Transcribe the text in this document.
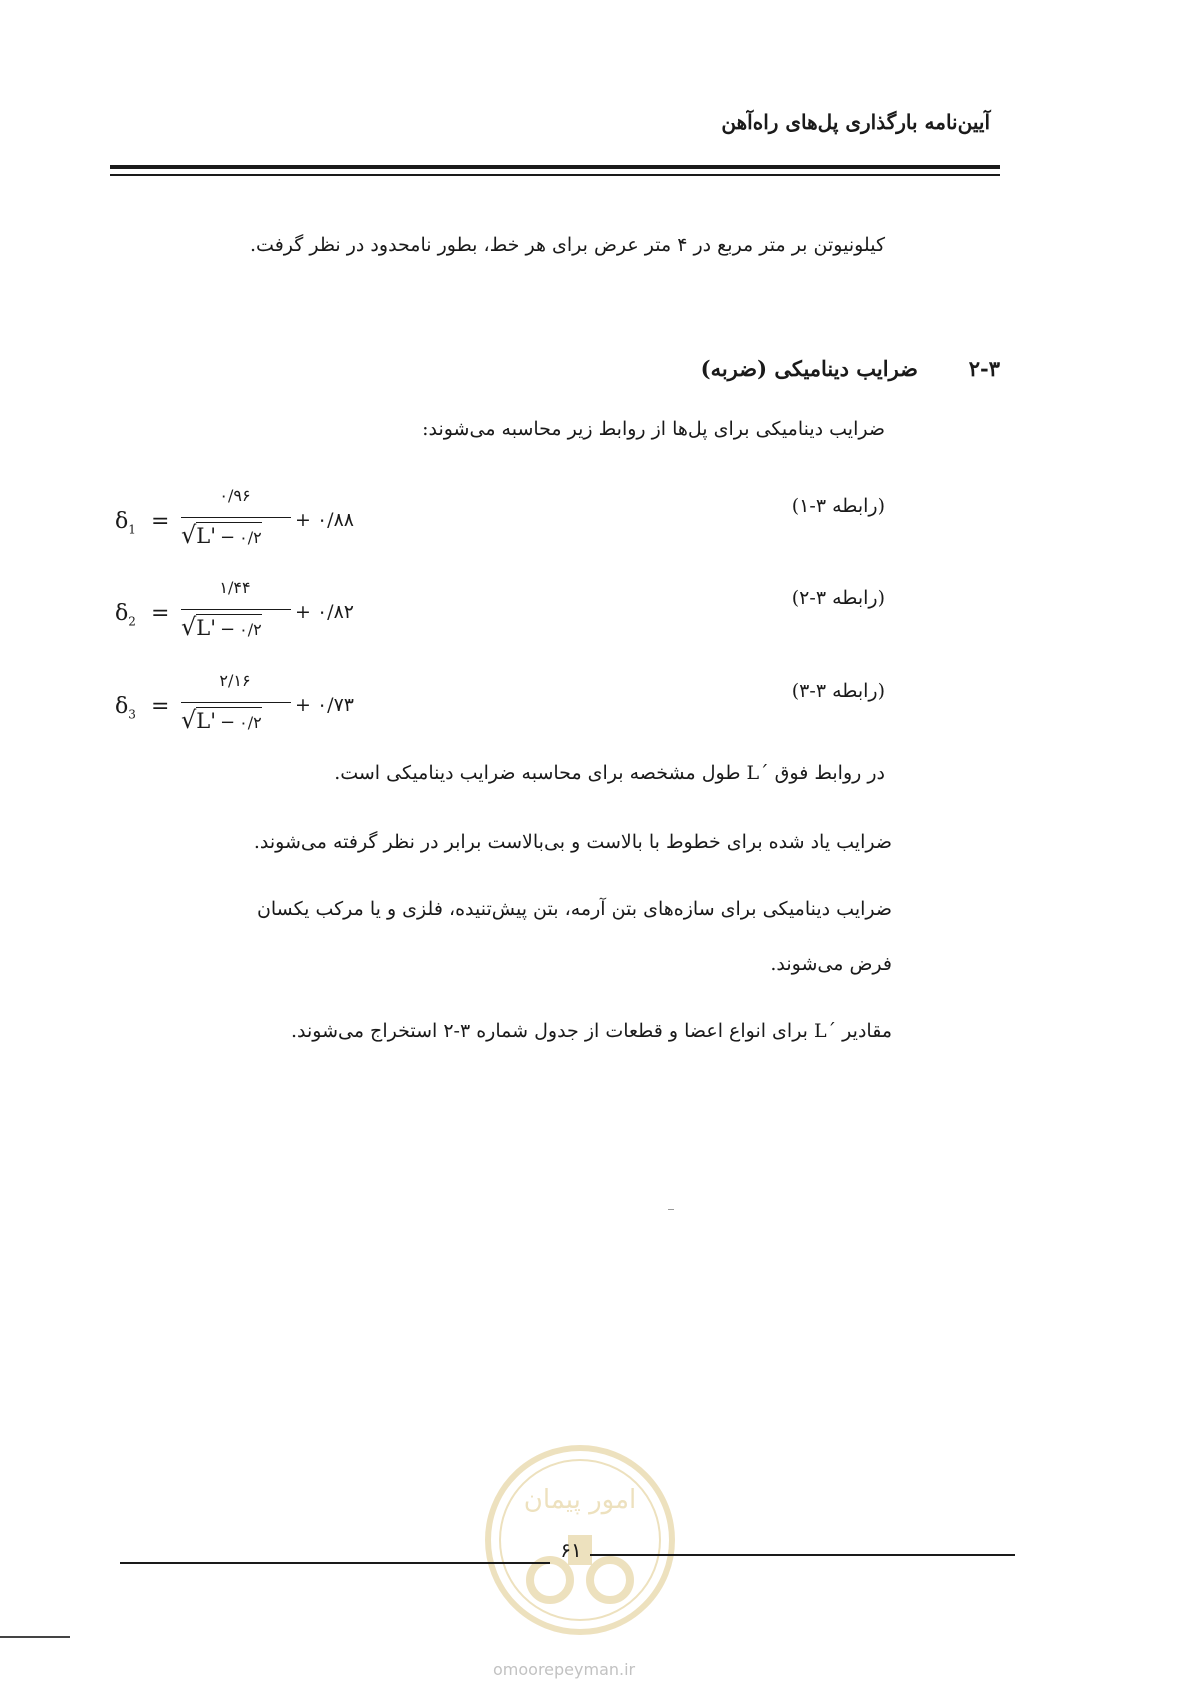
آیین‌نامه بارگذاری پل‌های راه‌آهن
کیلونیوتن بر متر مربع در ۴ متر عرض برای هر خط، بطور نامحدود در نظر گرفت.
۲-۳
ضرایب دینامیکی (ضربه)
ضرایب دینامیکی برای پل‌ها از روابط زیر محاسبه می‌شوند:
(رابطه ۳-۱)
$\delta_1$ =
۰/۹۶
√L' − ۰/۲
+ ۰/۸۸
(رابطه ۳-۲)
$\delta_2$ =
۱/۴۴
√L' − ۰/۲
+ ۰/۸۲
(رابطه ۳-۳)
$\delta_3$ =
۲/۱۶
√L' − ۰/۲
+ ۰/۷۳
در روابط فوق ´L طول مشخصه برای محاسبه ضرایب دینامیکی است.
ضرایب یاد شده برای خطوط با بالاست و بی‌بالاست برابر در نظر گرفته می‌شوند.
ضرایب دینامیکی برای سازه‌های بتن آرمه، بتن پیش‌تنیده، فلزی و یا مرکب یکسان
فرض می‌شوند.
مقادیر ´L برای انواع اعضا و قطعات از جدول شماره ۳-۲ استخراج می‌شوند.
امور پیمان
۶۱
omoorepeyman.ir
